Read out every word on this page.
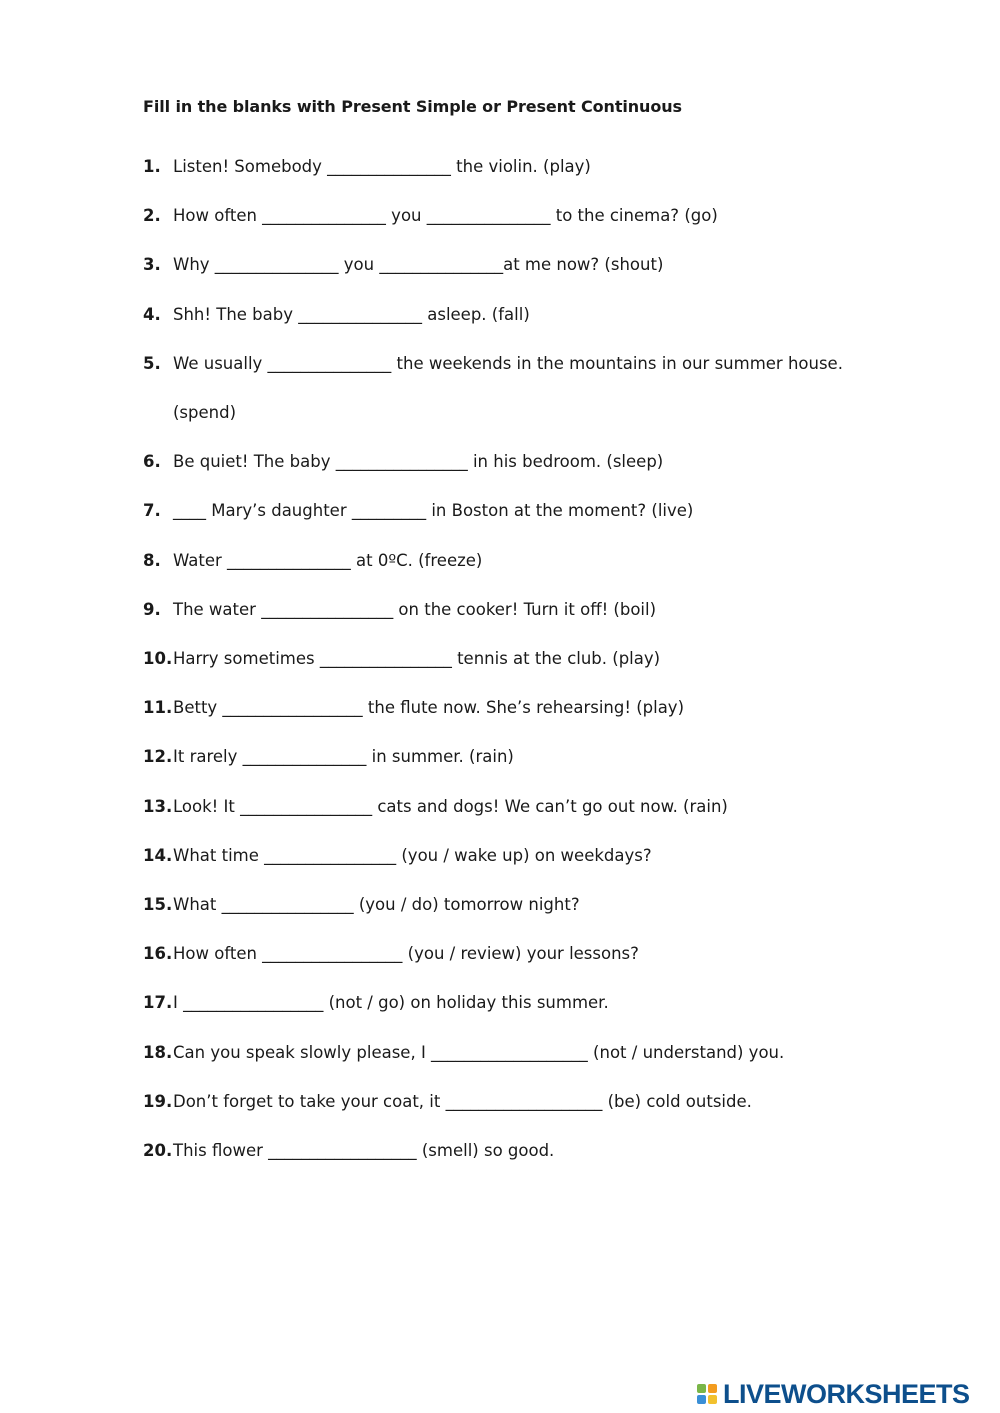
Fill in the blanks with Present Simple or Present Continuous
1. Listen! Somebody _______________ the violin. (play)
2. How often _______________ you _______________ to the cinema? (go)
3. Why _______________ you _______________at me now? (shout)
4. Shh! The baby _______________ asleep. (fall)
5. We usually _______________ the weekends in the mountains in our summer house.
(spend)
6. Be quiet! The baby ________________ in his bedroom. (sleep)
7. ____ Mary’s daughter _________ in Boston at the moment? (live)
8. Water _______________ at 0ºC. (freeze)
9. The water ________________ on the cooker! Turn it off! (boil)
10. Harry sometimes ________________ tennis at the club. (play)
11. Betty _________________ the flute now. She’s rehearsing! (play)
12. It rarely _______________ in summer. (rain)
13. Look! It ________________ cats and dogs! We can’t go out now. (rain)
14. What time ________________ (you / wake up) on weekdays?
15. What ________________ (you / do) tomorrow night?
16. How often _________________ (you / review) your lessons?
17. I _________________ (not / go) on holiday this summer.
18. Can you speak slowly please, I ___________________ (not / understand) you.
19. Don’t forget to take your coat, it ___________________ (be) cold outside.
20. This flower __________________ (smell) so good.
LIVEWORKSHEETS
